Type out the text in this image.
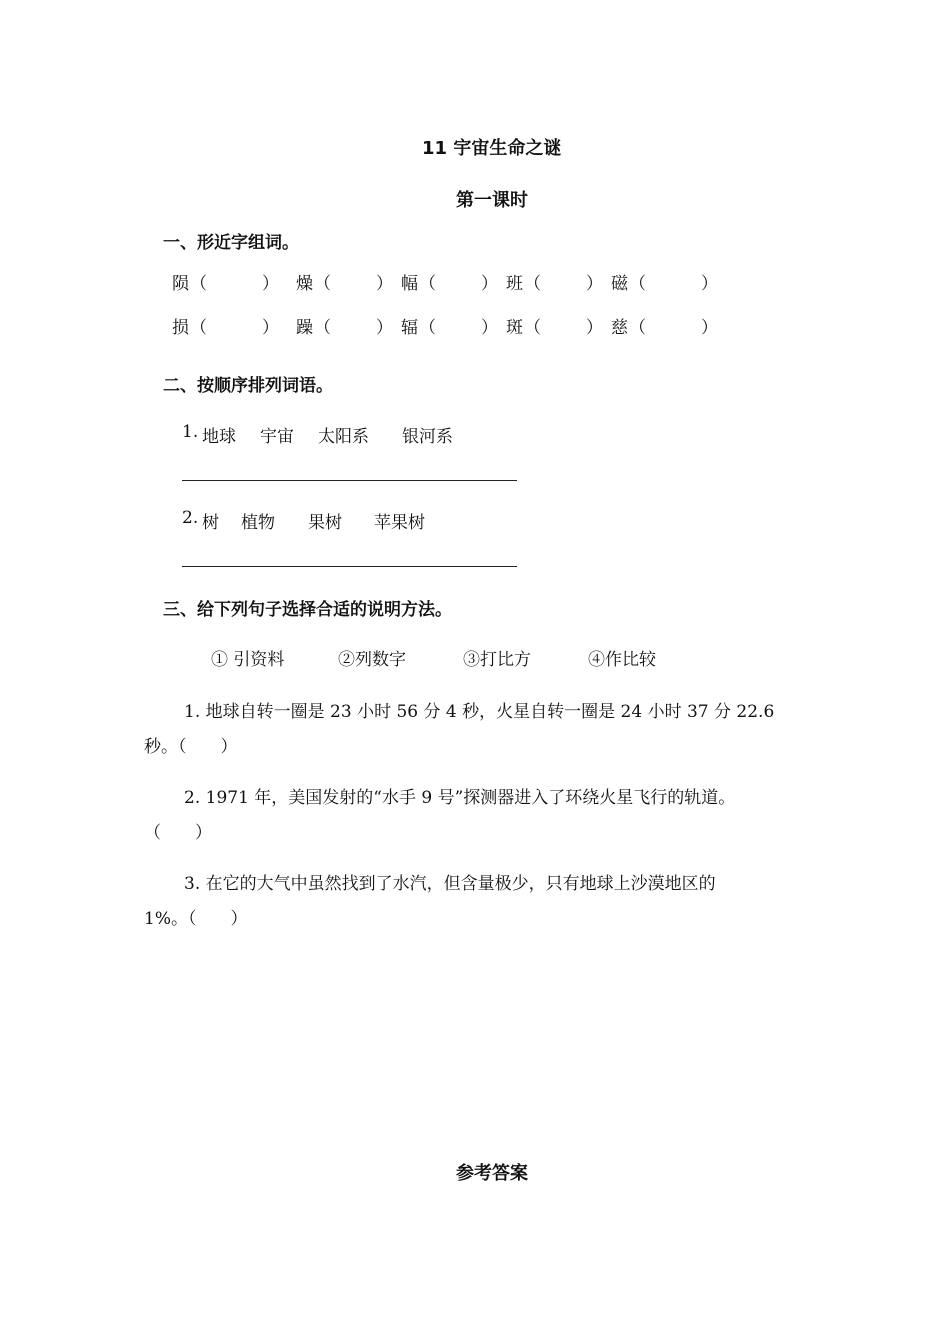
11 宇宙生命之谜
第一课时
一、形近字组词。
陨 （	） 燥 （	） 幅 （	） 班 （	） 磁 （	）
损 （	） 躁 （	） 辐 （	） 斑 （	） 慈 （	）
二、按顺序排列词语。
1. 地球 宇宙 太阳系 银河系
2. 树 植物 果树 苹果树
三、给下列句子选择合适的说明方法。
① 引资料	②列数字	③打比方	④作比较
1. 地球自转一圈是 23 小时 56 分 4 秒，火星自转一圈是 24 小时 37 分 22.6
秒。（　　）
2. 1971 年，美国发射的“水手 9 号”探测器进入了环绕火星飞行的轨道。
（　　）
3. 在它的大气中虽然找到了水汽，但含量极少，只有地球上沙漠地区的
1%。（　　）
参考答案
